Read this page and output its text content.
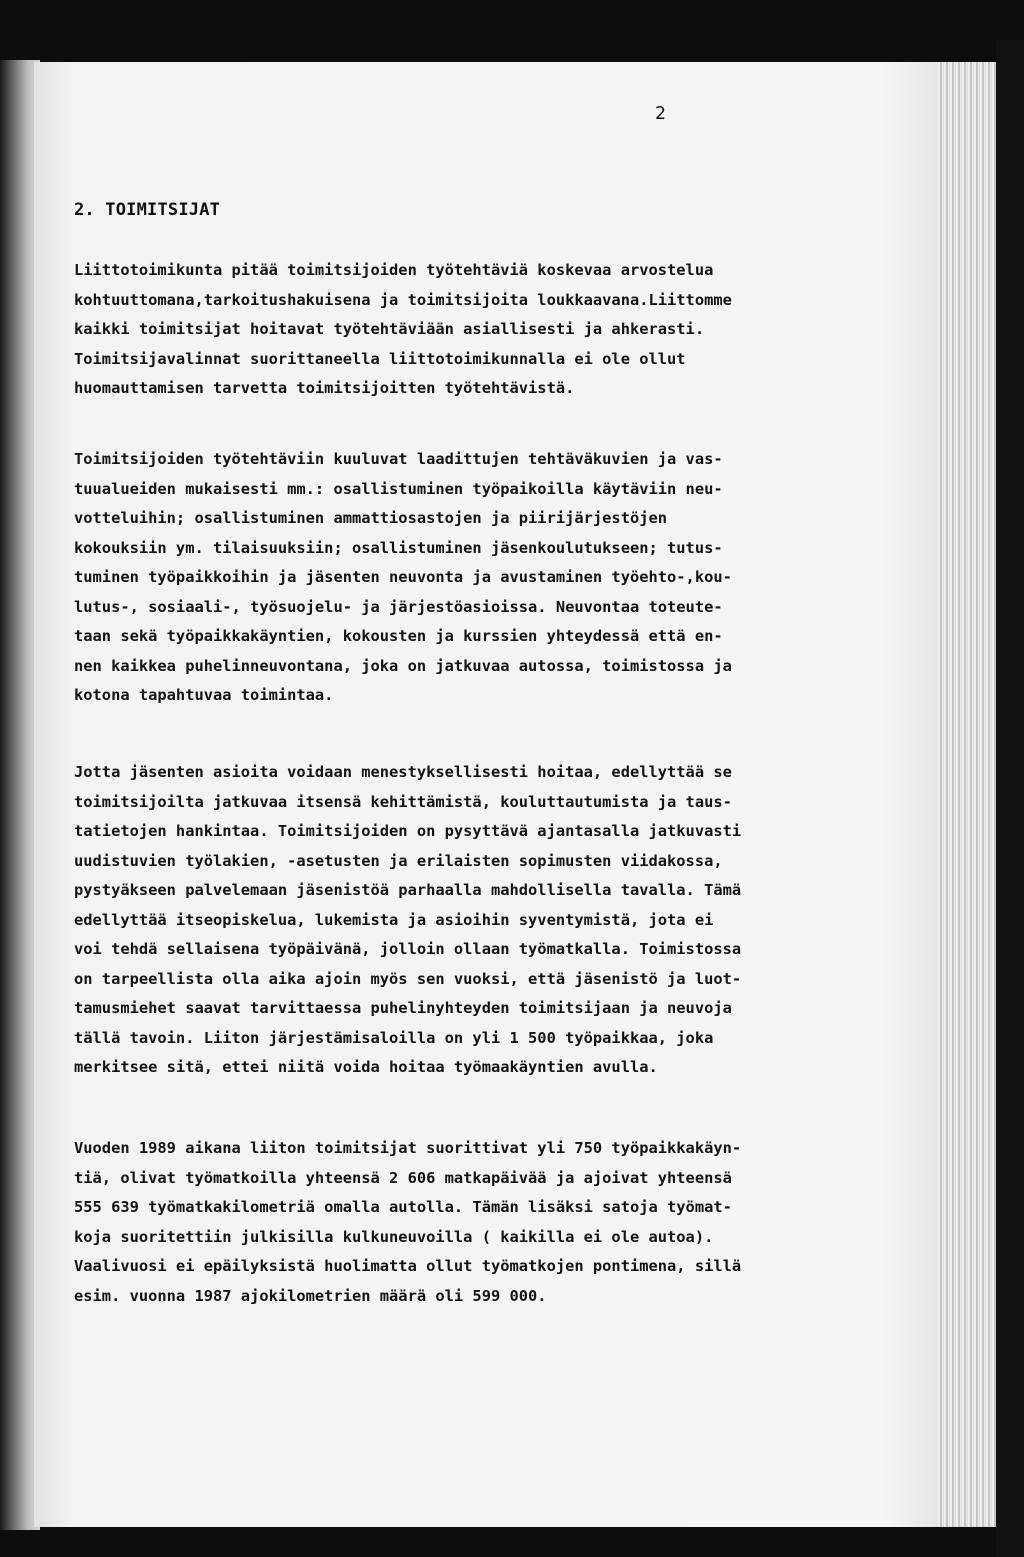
2
2. TOIMITSIJAT
Liittotoimikunta pitää toimitsijoiden työtehtäviä koskevaa arvostelua
kohtuuttomana,tarkoitushakuisena ja toimitsijoita loukkaavana.Liittomme
kaikki toimitsijat hoitavat työtehtäviään asiallisesti ja ahkerasti.
Toimitsijavalinnat suorittaneella liittotoimikunnalla ei ole ollut
huomauttamisen tarvetta toimitsijoitten työtehtävistä.
Toimitsijoiden työtehtäviin kuuluvat laadittujen tehtäväkuvien ja vas-
tuualueiden mukaisesti mm.: osallistuminen työpaikoilla käytäviin neu-
votteluihin; osallistuminen ammattiosastojen ja piirijärjestöjen
kokouksiin ym. tilaisuuksiin; osallistuminen jäsenkoulutukseen; tutus-
tuminen työpaikkoihin ja jäsenten neuvonta ja avustaminen työehto-,kou-
lutus-, sosiaali-, työsuojelu- ja järjestöasioissa. Neuvontaa toteute-
taan sekä työpaikkakäyntien, kokousten ja kurssien yhteydessä että en-
nen kaikkea puhelinneuvontana, joka on jatkuvaa autossa, toimistossa ja
kotona tapahtuvaa toimintaa.
Jotta jäsenten asioita voidaan menestyksellisesti hoitaa, edellyttää se
toimitsijoilta jatkuvaa itsensä kehittämistä, kouluttautumista ja taus-
tatietojen hankintaa. Toimitsijoiden on pysyttävä ajantasalla jatkuvasti
uudistuvien työlakien, -asetusten ja erilaisten sopimusten viidakossa,
pystyäkseen palvelemaan jäsenistöä parhaalla mahdollisella tavalla. Tämä
edellyttää itseopiskelua, lukemista ja asioihin syventymistä, jota ei
voi tehdä sellaisena työpäivänä, jolloin ollaan työmatkalla. Toimistossa
on tarpeellista olla aika ajoin myös sen vuoksi, että jäsenistö ja luot-
tamusmiehet saavat tarvittaessa puhelinyhteyden toimitsijaan ja neuvoja
tällä tavoin. Liiton järjestämisaloilla on yli 1 500 työpaikkaa, joka
merkitsee sitä, ettei niitä voida hoitaa työmaakäyntien avulla.
Vuoden 1989 aikana liiton toimitsijat suorittivat yli 750 työpaikkakäyn-
tiä, olivat työmatkoilla yhteensä 2 606 matkapäivää ja ajoivat yhteensä
555 639 työmatkakilometriä omalla autolla. Tämän lisäksi satoja työmat-
koja suoritettiin julkisilla kulkuneuvoilla ( kaikilla ei ole autoa).
Vaalivuosi ei epäilyksistä huolimatta ollut työmatkojen pontimena, sillä
esim. vuonna 1987 ajokilometrien määrä oli 599 000.
